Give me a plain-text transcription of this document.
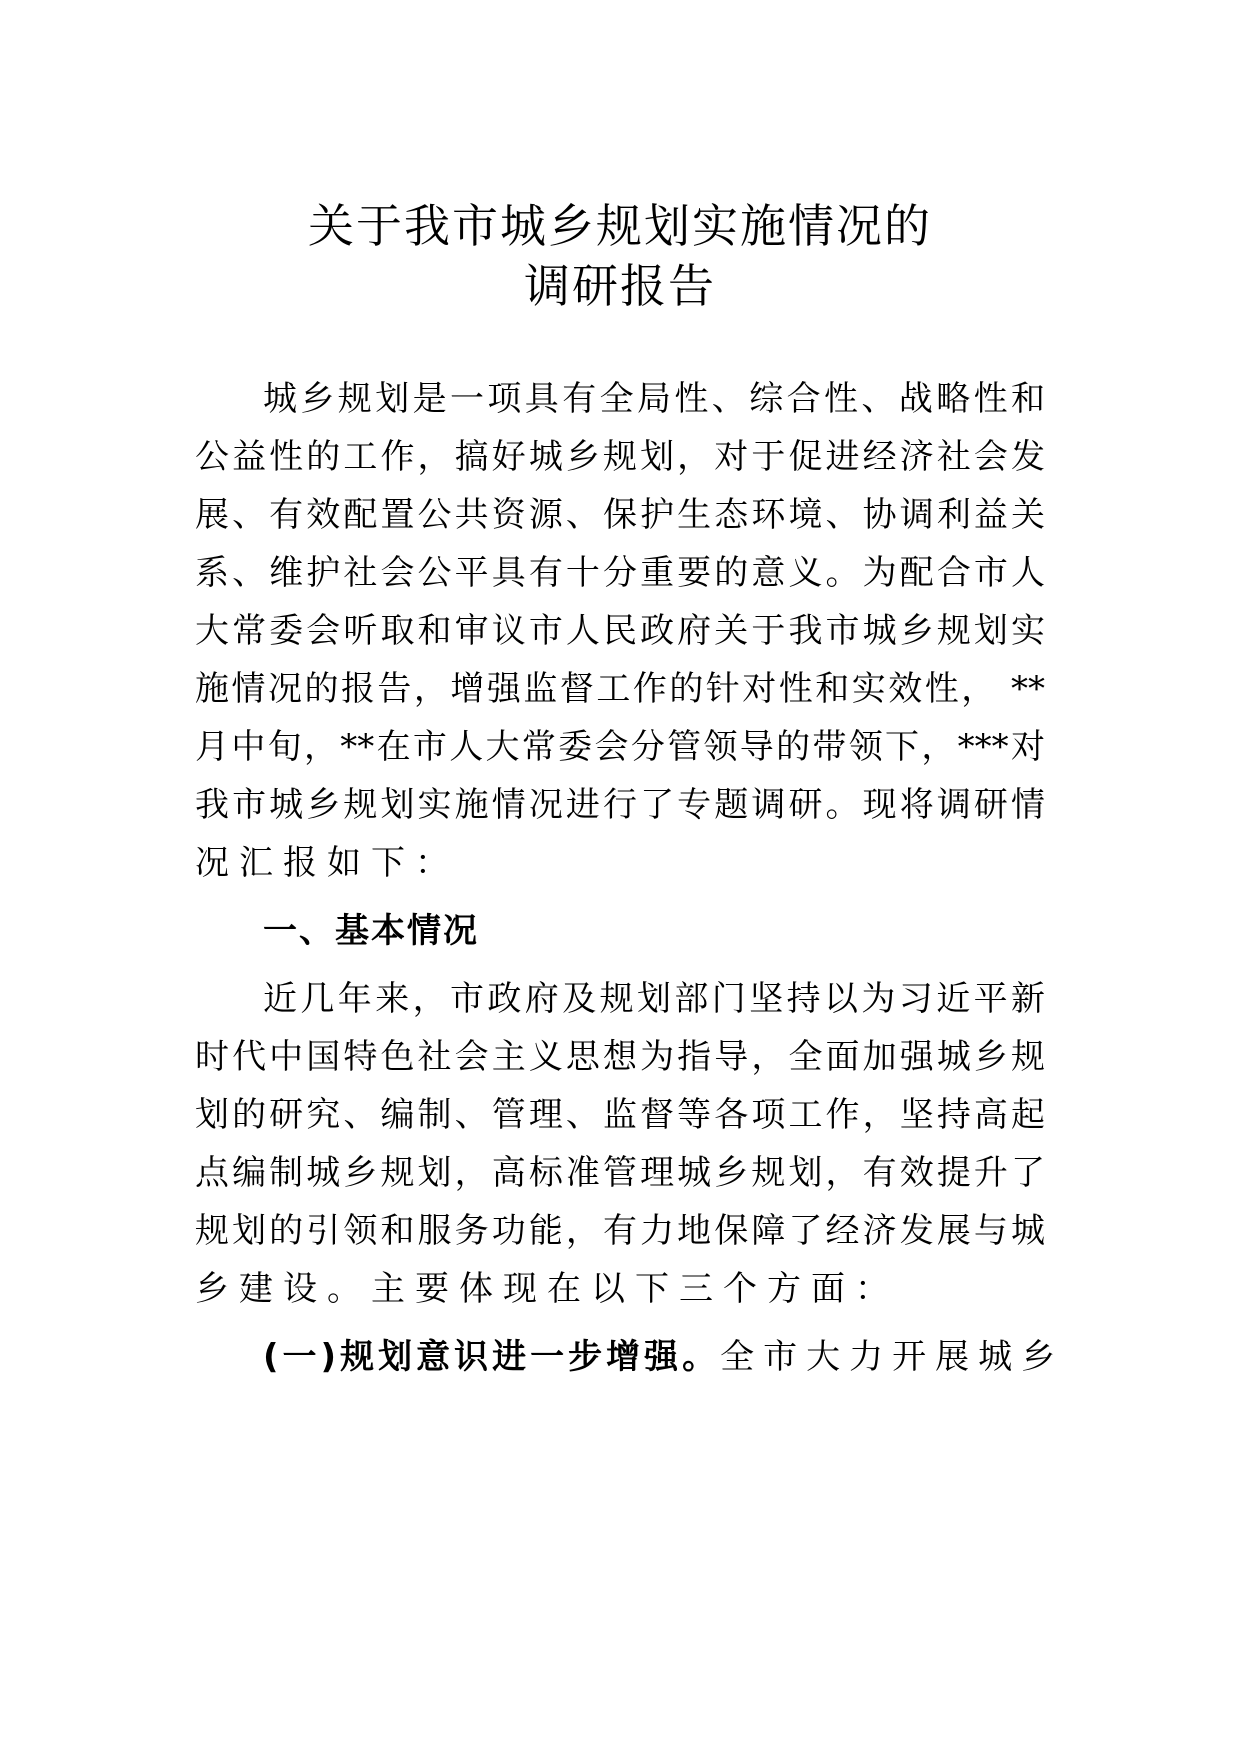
关于我市城乡规划实施情况的
调研报告
城乡规划是一项具有全局性、综合性、战略性和
公益性的工作，搞好城乡规划，对于促进经济社会发
展、有效配置公共资源、保护生态环境、协调利益关
系、维护社会公平具有十分重要的意义。为配合市人
大常委会听取和审议市人民政府关于我市城乡规划实
施情况的报告，增强监督工作的针对性和实效性， **
月中旬，**在市人大常委会分管领导的带领下，***对
我市城乡规划实施情况进行了专题调研。现将调研情
况汇报如下：
一、基本情况
近几年来，市政府及规划部门坚持以为习近平新
时代中国特色社会主义思想为指导，全面加强城乡规
划的研究、编制、管理、监督等各项工作，坚持高起
点编制城乡规划，高标准管理城乡规划，有效提升了
规划的引领和服务功能，有力地保障了经济发展与城
乡建设。主要体现在以下三个方面：
(一)规划意识进一步增强。全市大力开展城乡
